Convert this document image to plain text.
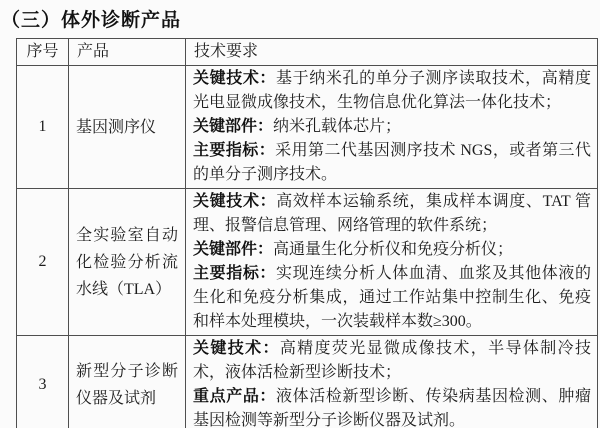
（三）体外诊断产品
序号	产品	技术要求
1	基因测序仪	关键技术：基于纳米孔的单分子测序读取技术，高精度光电显微成像技术，生物信息优化算法一体化技术；

关键部件：纳米孔载体芯片；

主要指标：采用第二代基因测序技术 NGS，或者第三代的单分子测序技术。

2	全实验室自动化检验分析流水线（TLA）	关键技术：高效样本运输系统，集成样本调度、TAT 管理、报警信息管理、网络管理的软件系统；

关键部件：高通量生化分析仪和免疫分析仪；

主要指标：实现连续分析人体血清、血浆及其他体液的生化和免疫分析集成，通过工作站集中控制生化、免疫和样本处理模块，一次装载样本数≥300。

3	新型分子诊断仪器及试剂	关键技术：高精度荧光显微成像技术，半导体制冷技术，液体活检新型诊断技术；

重点产品：液体活检新型诊断、传染病基因检测、肿瘤基因检测等新型分子诊断仪器及试剂。
